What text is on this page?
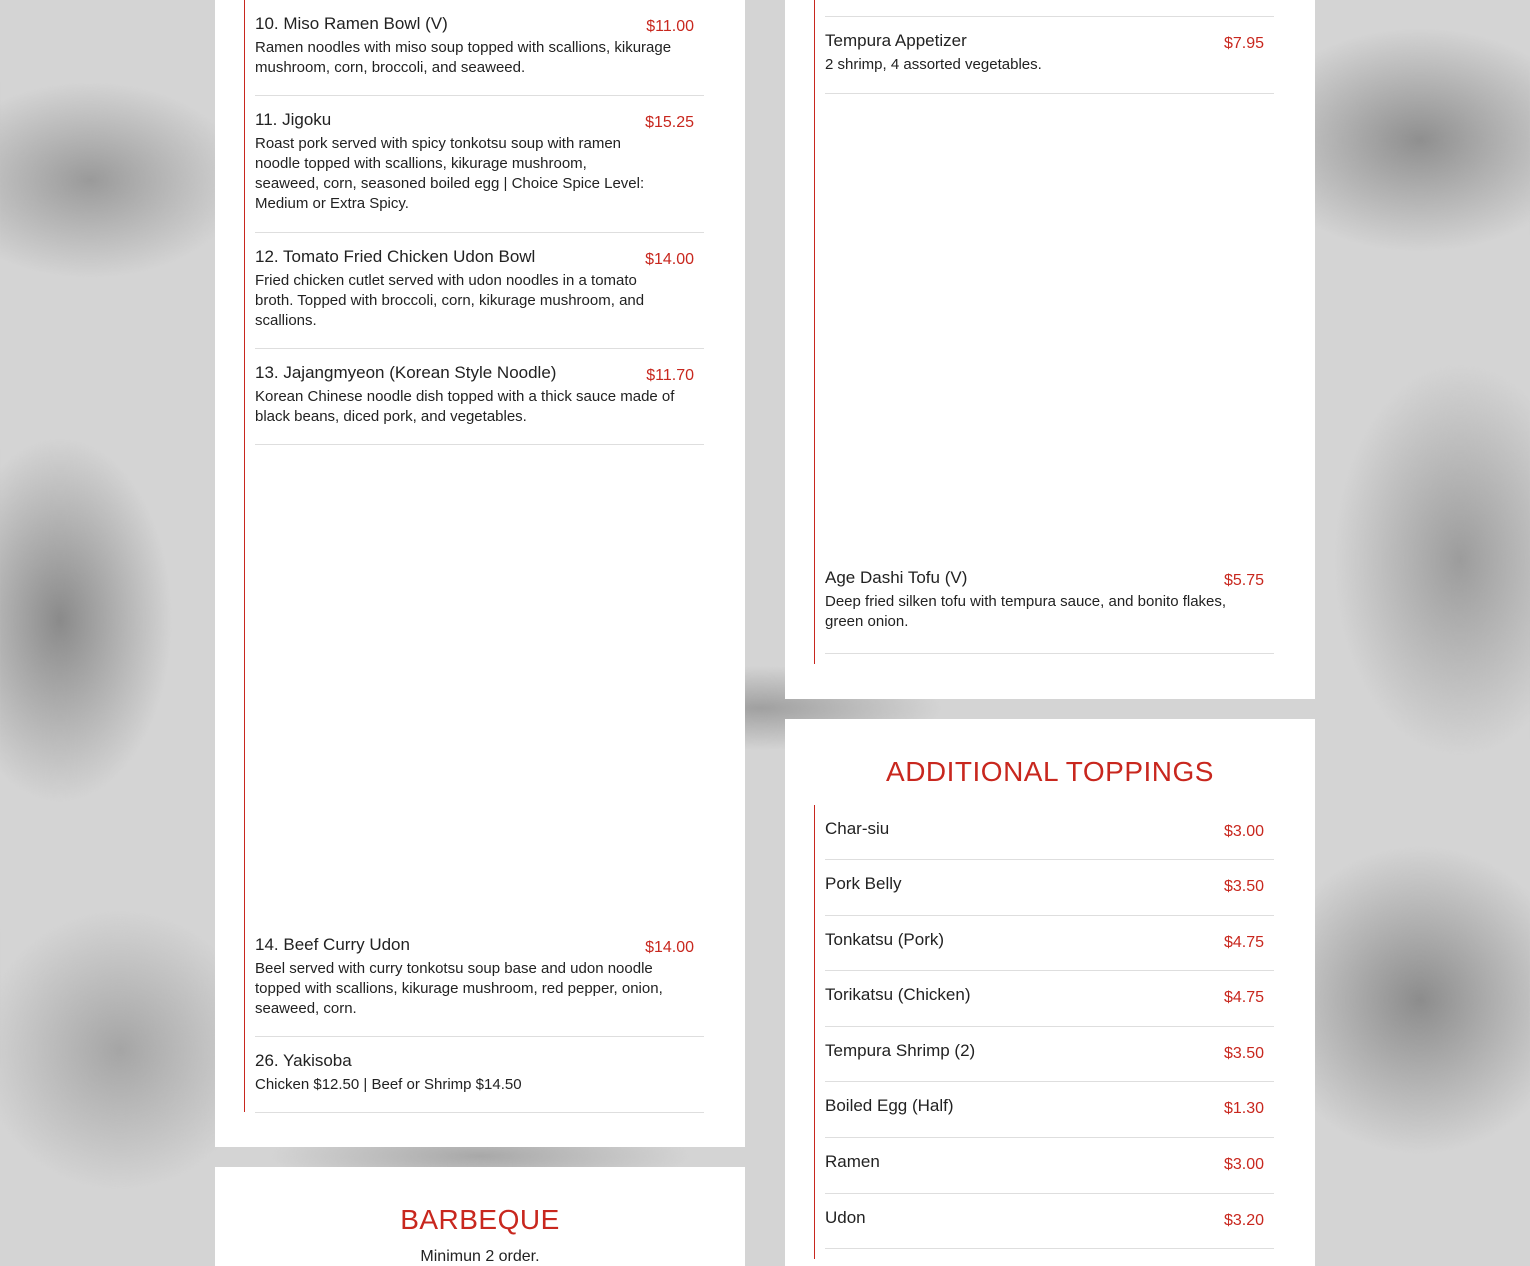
10. Miso Ramen Bowl (V)	$11.00
Ramen noodles with miso soup topped with scallions, kikurage mushroom, corn, broccoli, and seaweed.
11. Jigoku	$15.25
Roast pork served with spicy tonkotsu soup with ramen noodle topped with scallions, kikurage mushroom, seaweed, corn, seasoned boiled egg | Choice Spice Level: Medium or Extra Spicy.
12. Tomato Fried Chicken Udon Bowl	$14.00
Fried chicken cutlet served with udon noodles in a tomato broth. Topped with broccoli, corn, kikurage mushroom, and scallions.
13. Jajangmyeon (Korean Style Noodle)	$11.70
Korean Chinese noodle dish topped with a thick sauce made of black beans, diced pork, and vegetables.
14. Beef Curry Udon	$14.00
Beel served with curry tonkotsu soup base and udon noodle topped with scallions, kikurage mushroom, red pepper, onion, seaweed, corn.
26. Yakisoba
Chicken $12.50 | Beef or Shrimp $14.50
BARBEQUE
Minimun 2 order.
Tempura Appetizer	$7.95
2 shrimp, 4 assorted vegetables.
Age Dashi Tofu (V)	$5.75
Deep fried silken tofu with tempura sauce, and bonito flakes, green onion.
ADDITIONAL TOPPINGS
Char-siu	$3.00
Pork Belly	$3.50
Tonkatsu (Pork)	$4.75
Torikatsu (Chicken)	$4.75
Tempura Shrimp (2)	$3.50
Boiled Egg (Half)	$1.30
Ramen	$3.00
Udon	$3.20
